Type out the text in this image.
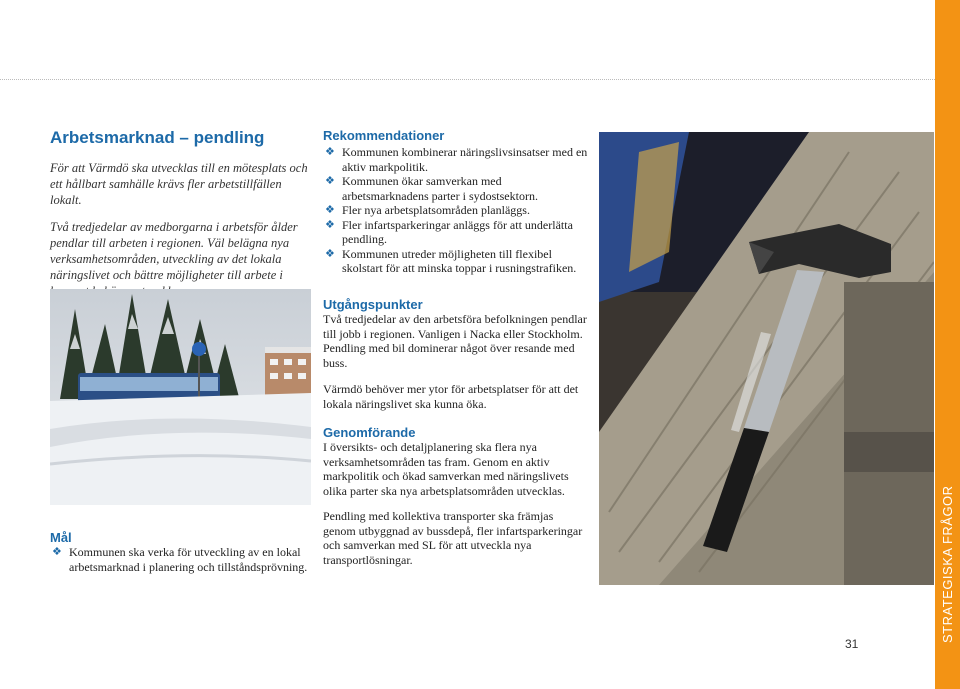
Arbetsmarknad – pendling

För att Värmdö ska utvecklas till en mötesplats och ett hållbart samhälle krävs fler arbetstillfällen lokalt.

Två tredjedelar av medborgarna i arbetsför ålder pendlar till arbeten i regionen. Väl belägna nya verksamhetsområden, utveckling av det lokala näringslivet och bättre möjligheter till arbete i

Mål
❖ Kommunen ska verka för utveckling av en lokal arbetsmarknad i planering och tillståndsprövning.
Rekommendationer
❖ Kommunen kombinerar näringslivsinsatser med en aktiv markpolitik.
❖ Kommunen ökar samverkan med arbetsmarknadens parter i sydostsektorn.
❖ Fler nya arbetsplatsområden planläggs.
❖ Fler infartsparkeringar anläggs för att underlätta pendling.
❖ Kommunen utreder möjligheten till flexibel skolstart för att minska toppar i rusningstrafiken.
Utgångspunkter

Två tredjedelar av den arbetsföra befolkningen pendlar till jobb i regionen. Vanligen i Nacka eller Stockholm. Pendling med bil dominerar något över resande med buss.

Värmdö behöver mer ytor för arbetsplatser för att det lokala näringslivet ska kunna öka.

Genomförande

I översikts- och detaljplanering ska flera nya verksamhetsområden tas fram. Genom en aktiv markpolitik och ökad samverkan med näringslivets olika parter ska nya arbetsplatsområden utvecklas.

Pendling med kollektiva transporter ska främjas genom utbyggnad av bussdepå, fler infartsparkeringar och samverkan med SL för att utveckla nya transportlösningar.	STRATEGISKA FRÅGOR
31
